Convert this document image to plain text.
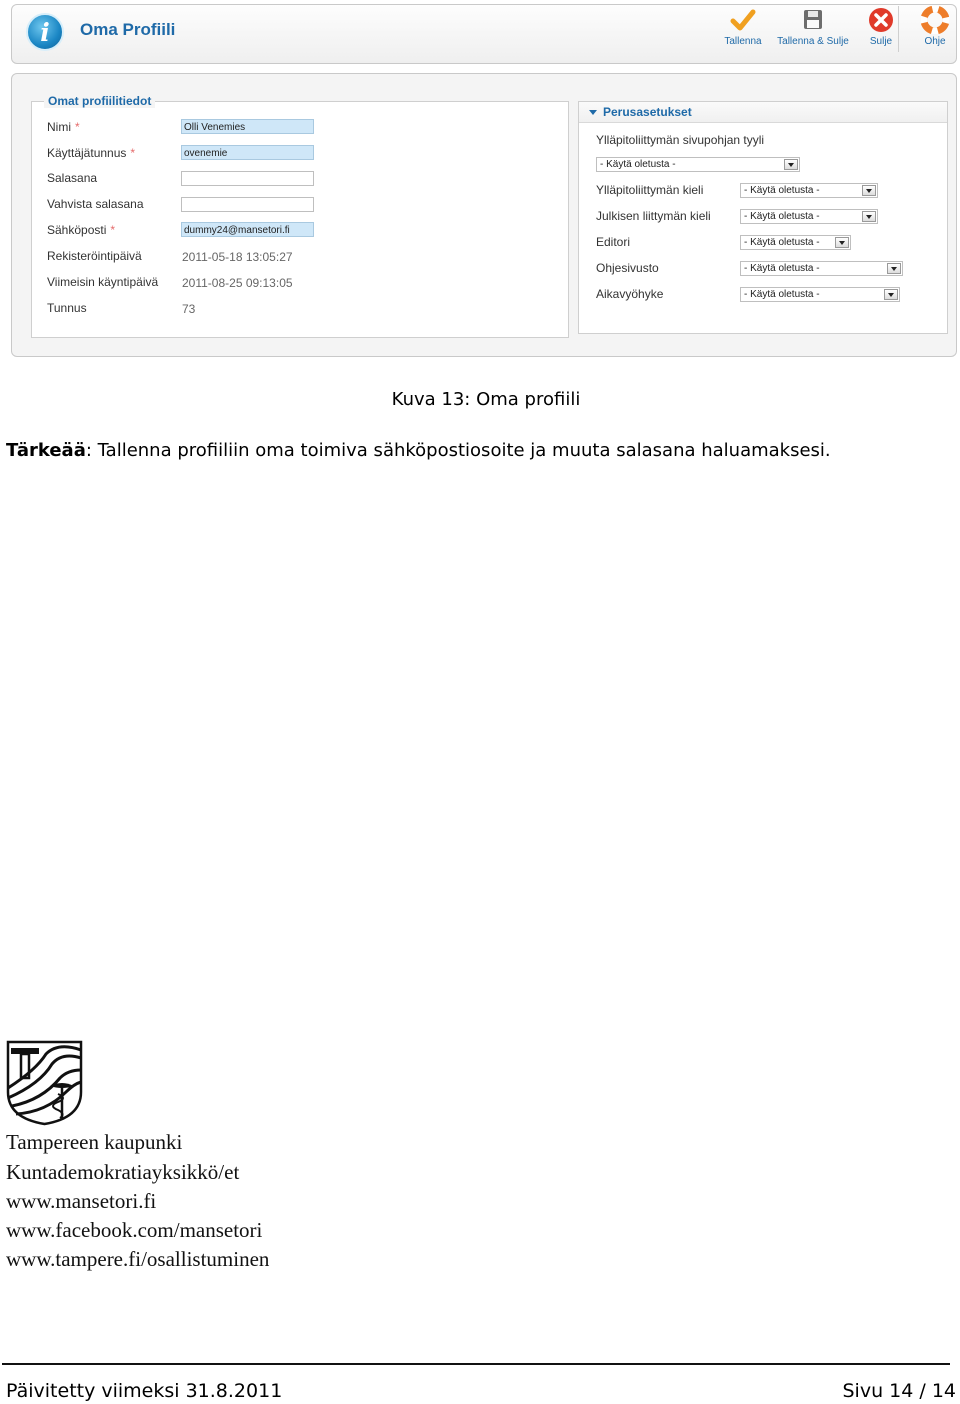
i	Oma Profiili
Tallenna Tallenna & Sulje	Sulje	Ohje
Omat profiilitiedot
Nimi *	Olli Venemies
Käyttäjätunnus *	ovenemie
Salasana
Vahvista salasana
Sähköposti *	dummy24@mansetori.fi
Rekisteröintipäivä	2011-05-18 13:05:27
Viimeisin käyntipäivä 2011-08-25 09:13:05
Tunnus	73
Perusasetukset
Ylläpitoliittymän sivupohjan tyyli
- Käytä oletusta -
Ylläpitoliittymän kieli	- Käytä oletusta -
Julkisen liittymän kieli	- Käytä oletusta -
Editori	- Käytä oletusta -
Ohjesivusto	- Käytä oletusta -
Aikavyöhyke	- Käytä oletusta -
Kuva 13: Oma profiili
Tärkeää: Tallenna profiiliin oma toimiva sähköpostiosoite ja muuta salasana haluamaksesi.
Tampereen kaupunki
Kuntademokratiayksikkö/et
www.mansetori.fi
www.facebook.com/mansetori
www.tampere.fi/osallistuminen
Päivitetty viimeksi 31.8.2011	Sivu 14 / 14
